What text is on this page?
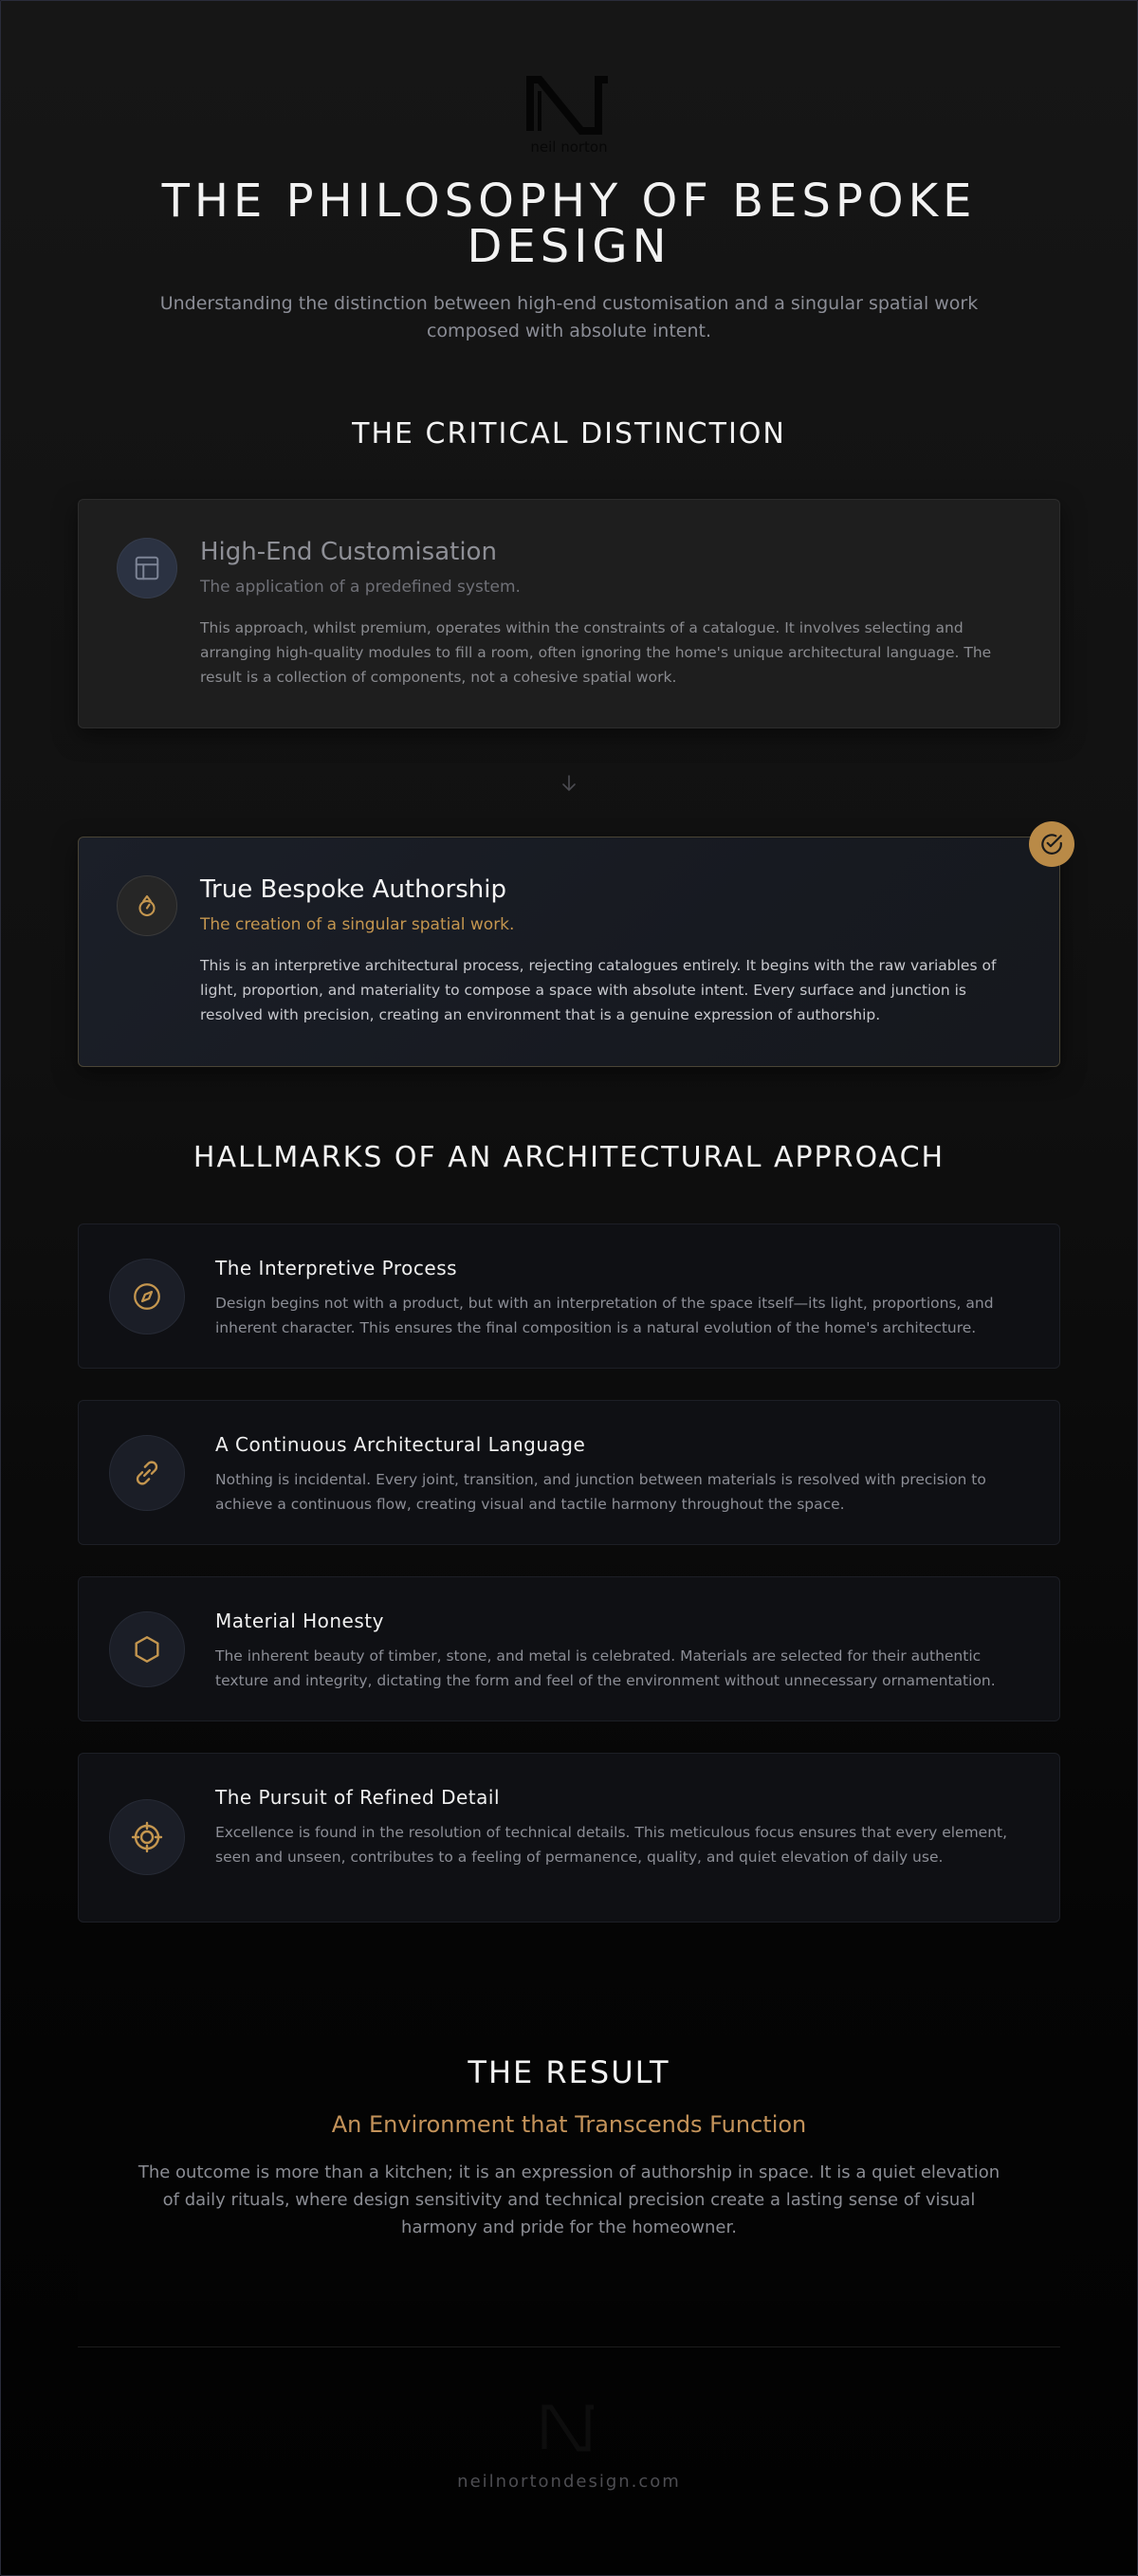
neil norton
THE PHILOSOPHY OF BESPOKE DESIGN

Understanding the distinction between high-end customisation and a singular spatial work composed with absolute intent.

THE CRITICAL DISTINCTION
High-End Customisation
The application of a predefined system.
This approach, whilst premium, operates within the constraints of a catalogue. It involves selecting and arranging high-quality modules to fill a room, often ignoring the home's unique architectural language. The result is a collection of components, not a cohesive spatial work.
True Bespoke Authorship
The creation of a singular spatial work.
This is an interpretive architectural process, rejecting catalogues entirely. It begins with the raw variables of light, proportion, and materiality to compose a space with absolute intent. Every surface and junction is resolved with precision, creating an environment that is a genuine expression of authorship.
HALLMARKS OF AN ARCHITECTURAL APPROACH
The Interpretive Process
Design begins not with a product, but with an interpretation of the space itself—its light, proportions, and inherent character. This ensures the final composition is a natural evolution of the home's architecture.
A Continuous Architectural Language
Nothing is incidental. Every joint, transition, and junction between materials is resolved with precision to achieve a continuous flow, creating visual and tactile harmony throughout the space.
Material Honesty
The inherent beauty of timber, stone, and metal is celebrated. Materials are selected for their authentic texture and integrity, dictating the form and feel of the environment without unnecessary ornamentation.
The Pursuit of Refined Detail
Excellence is found in the resolution of technical details. This meticulous focus ensures that every element, seen and unseen, contributes to a feeling of permanence, quality, and quiet elevation of daily use.
THE RESULT
An Environment that Transcends Function
The outcome is more than a kitchen; it is an expression of authorship in space. It is a quiet elevation of daily rituals, where design sensitivity and technical precision create a lasting sense of visual harmony and pride for the homeowner.
neilnortondesign.com
